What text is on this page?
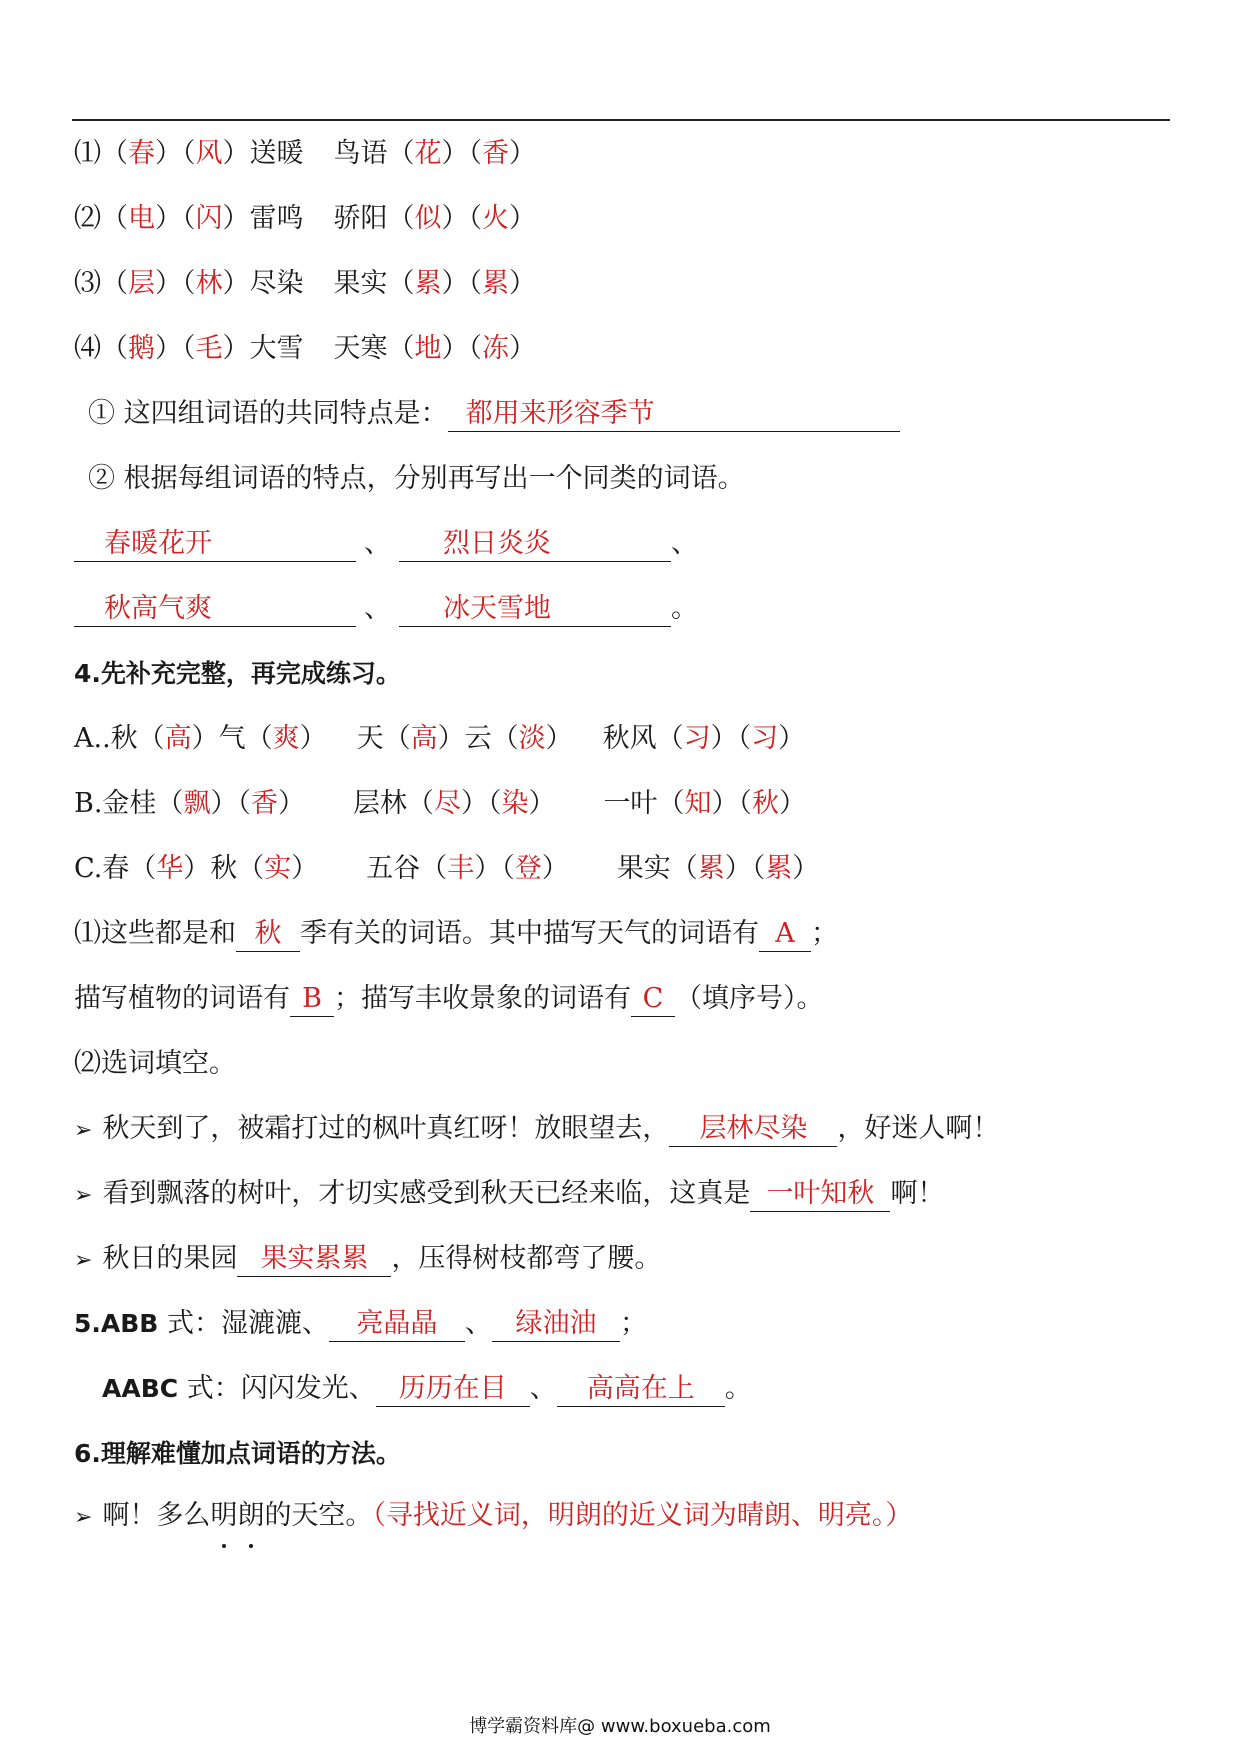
⑴（春）（风）送暖 鸟语（花）（香）
⑵（电）（闪）雷鸣 骄阳（似）（火）
⑶（层）（林）尽染 果实（累）（累）
⑷（鹅）（毛）大雪 天寒（地）（冻）
① 这四组词语的共同特点是： 都用来形容季节
② 根据每组词语的特点，分别再写出一个同类的词语。
春暖花开	、 烈日炎炎	、
秋高气爽	、 冰天雪地	。
4.先补充完整，再完成练习。
A..秋（高）气（爽） 天（高）云（淡） 秋风（习）（习）
B.金桂（飘）（香） 层林（尽）（染） 一叶（知）（秋）
C.春（华）秋（实） 五谷（丰）（登） 果实（累）（累）
⑴这些都是和 秋 季有关的词语。其中描写天气的词语有 A ；
描写植物的词语有 B ；描写丰收景象的词语有 C （填序号）。
⑵选词填空。
➢ 秋天到了，被霜打过的枫叶真红呀！放眼望去， 层林尽染 ，好迷人啊！
➢ 看到飘落的树叶，才切实感受到秋天已经来临，这真是 一叶知秋 啊！
➢ 秋日的果园 果实累累 ，压得树枝都弯了腰。
5.ABB 式：湿漉漉、 亮晶晶 、 绿油油 ；
AABC 式：闪闪发光、 历历在目 、 高高在上 。
6.理解难懂加点词语的方法。
➢ 啊！多么明朗的天空。（寻找近义词，明朗的近义词为晴朗、明亮。）
博学霸资料库@ www.boxueba.com
